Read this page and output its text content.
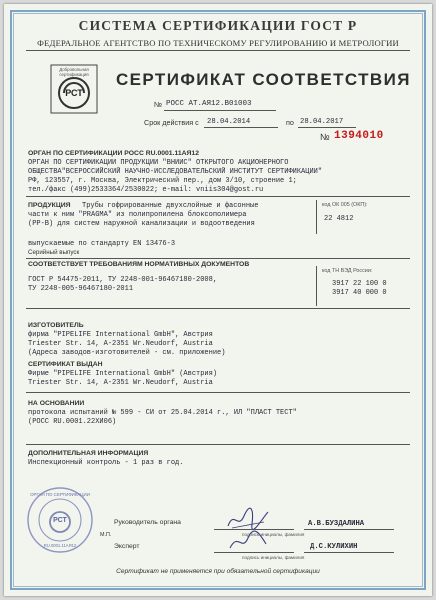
СИСТЕМА СЕРТИФИКАЦИИ ГОСТ Р
ФЕДЕРАЛЬНОЕ АГЕНТСТВО ПО ТЕХНИЧЕСКОМУ РЕГУЛИРОВАНИЮ И МЕТРОЛОГИИ
Добровольная сертификация
РСТ
СЕРТИФИКАТ СООТВЕТСТВИЯ
№ РОСС AT.АЯ12.В01003
Срок действия с 28.04.2014	по 28.04.2017
№ 1394010
ОРГАН ПО СЕРТИФИКАЦИИ РОСС RU.0001.11АЯ12
ОРГАН ПО СЕРТИФИКАЦИИ ПРОДУКЦИИ "ВНИИС" ОТКРЫТОГО АКЦИОНЕРНОГО
ОБЩЕСТВА"ВСЕРОССИЙСКИЙ НАУЧНО-ИССЛЕДОВАТЕЛЬСКИЙ ИНСТИТУТ СЕРТИФИКАЦИИ"
РФ, 123557, г. Москва, Электрический пер., дом 3/10, строение 1;
тел./факс (499)2533364/2530022; e-mail: vniis304@gost.ru
ПРОДУКЦИЯ Трубы гофрированные двухслойные и фасонные
части к ним "PRAGMA" из полипропилена блоксополимера
(PP-B) для систем наружной канализации и водоотведения
код ОК 005 (ОКП):
22 4812
выпускаемые по стандарту EN 13476-3
Серийный выпуск
СООТВЕТСТВУЕТ ТРЕБОВАНИЯМ НОРМАТИВНЫХ ДОКУМЕНТОВ
код ТН ВЭД России:
ГОСТ Р 54475-2011, ТУ 2248-001-96467180-2008,
ТУ 2248-005-96467180-2011
3917 22 100 0
3917 40 000 0
ИЗГОТОВИТЕЛЬ
фирма "PIPELIFE International GmbH", Австрия
Triester Str. 14, A-2351 Wr.Neudorf, Austria
(Адреса заводов-изготовителей - см. приложение)
СЕРТИФИКАТ ВЫДАН
Фирме "PIPELIFE International GmbH" (Австрия)
Triester Str. 14, A-2351 Wr.Neudorf, Austria
НА ОСНОВАНИИ
протокола испытаний № 599 - СИ от 25.04.2014 г., ИЛ "ПЛАСТ ТЕСТ"
(РОСС RU.0001.22ХИ06)
ДОПОЛНИТЕЛЬНАЯ ИНФОРМАЦИЯ
Инспекционный контроль - 1 раз в год.
ОРГАН ПО СЕРТИФИКАЦИИ
РСТ
RU.0001.11АЯ12
М.П.
Руководитель органа	А.В.БУЗДАЛИНА
подпись инициалы, фамилия
Эксперт	Д.С.КУЛИХИН
подпись инициалы, фамилия
Сертификат не применяется при обязательной сертификации
